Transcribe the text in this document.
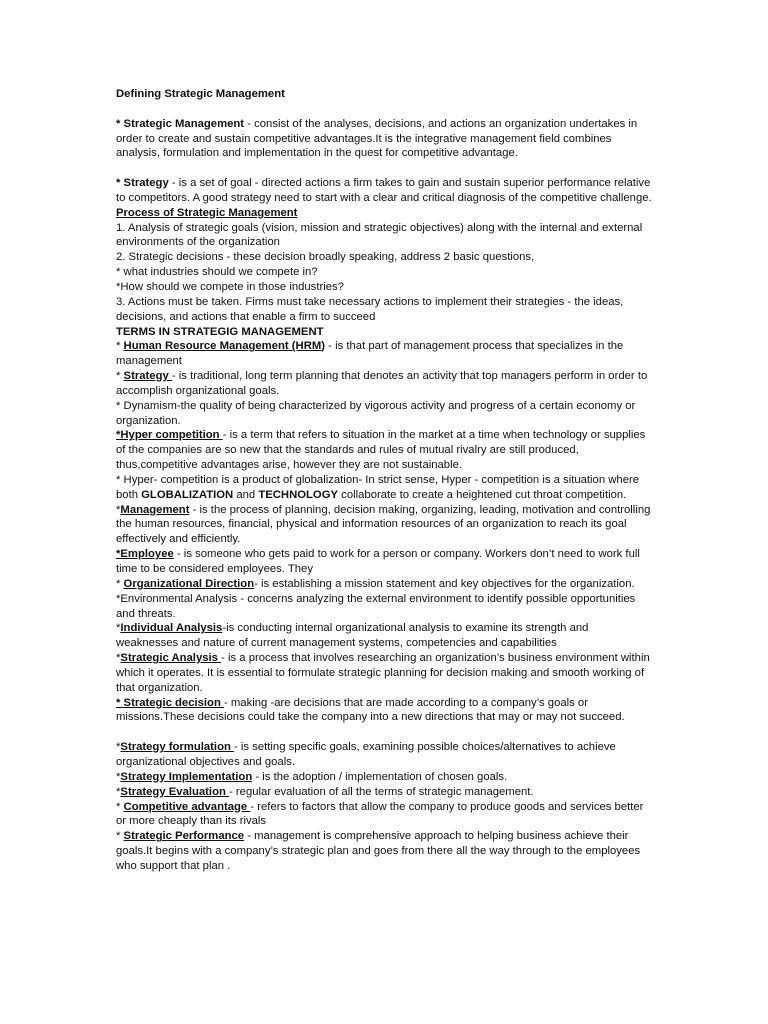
Defining Strategic Management

* Strategic Management - consist of the analyses, decisions, and actions an organization undertakes in order to create and sustain competitive advantages.It is the integrative management field combines analysis, formulation and implementation in the quest for competitive advantage.

* Strategy - is a set of goal - directed actions a firm takes to gain and sustain superior performance relative to competitors. A good strategy need to start with a clear and critical diagnosis of the competitive challenge.

Process of Strategic Management

1. Analysis of strategic goals (vision, mission and strategic objectives) along with the internal and external environments of the organization

2. Strategic decisions - these decision broadly speaking, address 2 basic questions,

* what industries should we compete in?

*How should we compete in those industries?

3. Actions must be taken. Firms must take necessary actions to implement their strategies - the ideas, decisions, and actions that enable a firm to succeed

TERMS IN STRATEGIG MANAGEMENT

* Human Resource Management (HRM) - is that part of management process that specializes in the management

* Strategy - is traditional, long term planning that denotes an activity that top managers perform in order to accomplish organizational goals.

* Dynamism-the quality of being characterized by vigorous activity and progress of a certain economy or organization.

*Hyper competition - is a term that refers to situation in the market at a time when technology or supplies of the companies are so new that the standards and rules of mutual rivalry are still produced, thus,competitive advantages arise, however they are not sustainable.

* Hyper- competition is a product of globalization- In strict sense, Hyper - competition is a situation where both GLOBALIZATION and TECHNOLOGY collaborate to create a heightened cut throat competition.

*Management - is the process of planning, decision making, organizing, leading, motivation and controlling the human resources, financial, physical and information resources of an organization to reach its goal effectively and efficiently.

*Employee - is someone who gets paid to work for a person or company. Workers don’t need to work full time to be considered employees. They

* Organizational Direction- is establishing a mission statement and key objectives for the organization.

*Environmental Analysis - concerns analyzing the external environment to identify possible opportunities and threats.

*Individual Analysis-is conducting internal organizational analysis to examine its strength and weaknesses and nature of current management systems, competencies and capabilities

*Strategic Analysis - is a process that involves researching an organization’s business environment within which it operates. It is essential to formulate strategic planning for decision making and smooth working of that organization.

* Strategic decision - making -are decisions that are made according to a company’s goals or missions.These decisions could take the company into a new directions that may or may not succeed.

*Strategy formulation - is setting specific goals, examining possible choices/alternatives to achieve organizational objectives and goals.

*Strategy Implementation - is the adoption / implementation of chosen goals.

*Strategy Evaluation - regular evaluation of all the terms of strategic management.

* Competitive advantage - refers to factors that allow the company to produce goods and services better or more cheaply than its rivals

* Strategic Performance - management is comprehensive approach to helping business achieve their goals.It begins with a company’s strategic plan and goes from there all the way through to the employees who support that plan .
